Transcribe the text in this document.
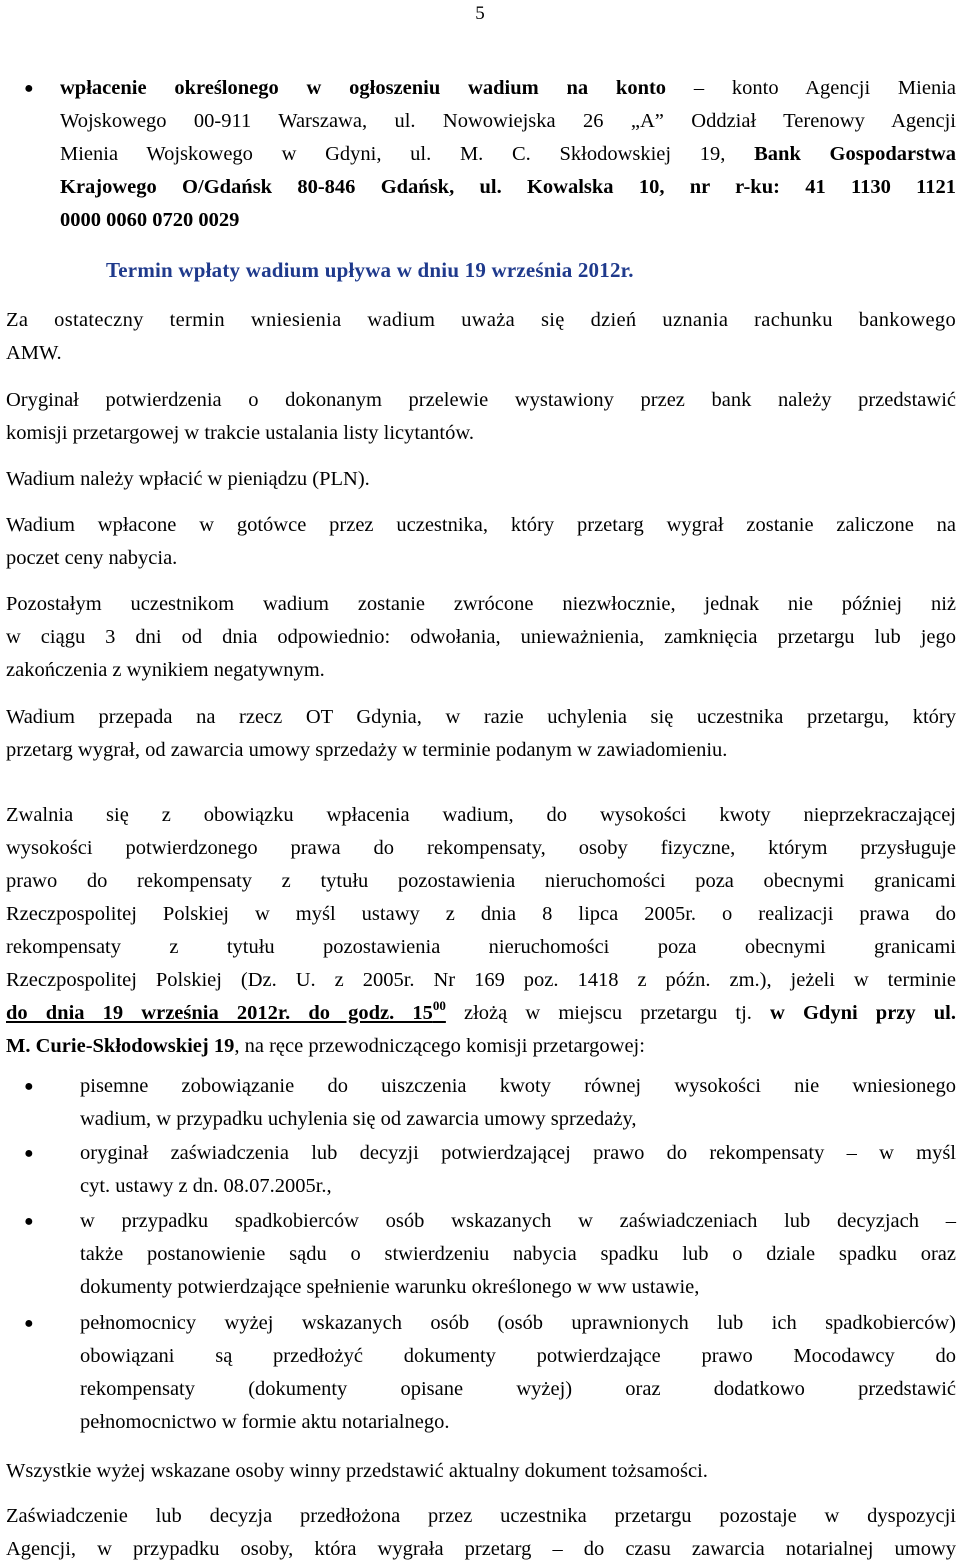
5
● wpłacenie określonego w ogłoszeniu wadium na konto – konto Agencji Mienia
Wojskowego 00-911 Warszawa, ul. Nowowiejska 26 „A” Oddział Terenowy Agencji
Mienia Wojskowego w Gdyni, ul. M. C. Skłodowskiej 19, Bank Gospodarstwa
Krajowego O/Gdańsk 80-846 Gdańsk, ul. Kowalska 10, nr r-ku: 41 1130 1121
0000 0060 0720 0029
Termin wpłaty wadium upływa w dniu 19 września 2012r.
Za ostateczny termin wniesienia wadium uważa się dzień uznania rachunku bankowego
AMW.
Oryginał potwierdzenia o dokonanym przelewie wystawiony przez bank należy przedstawić
komisji przetargowej w trakcie ustalania listy licytantów.
Wadium należy wpłacić w pieniądzu (PLN).
Wadium wpłacone w gotówce przez uczestnika, który przetarg wygrał zostanie zaliczone na
poczet ceny nabycia.
Pozostałym uczestnikom wadium zostanie zwrócone niezwłocznie, jednak nie później niż
w ciągu 3 dni od dnia odpowiednio: odwołania, unieważnienia, zamknięcia przetargu lub jego
zakończenia z wynikiem negatywnym.
Wadium przepada na rzecz OT Gdynia, w razie uchylenia się uczestnika przetargu, który
przetarg wygrał, od zawarcia umowy sprzedaży w terminie podanym w zawiadomieniu.
Zwalnia się z obowiązku wpłacenia wadium, do wysokości kwoty nieprzekraczającej
wysokości potwierdzonego prawa do rekompensaty, osoby fizyczne, którym przysługuje
prawo do rekompensaty z tytułu pozostawienia nieruchomości poza obecnymi granicami
Rzeczpospolitej Polskiej w myśl ustawy z dnia 8 lipca 2005r. o realizacji prawa do
rekompensaty z tytułu pozostawienia nieruchomości poza obecnymi granicami
Rzeczpospolitej Polskiej (Dz. U. z 2005r. Nr 169 poz. 1418 z późn. zm.), jeżeli w terminie
do dnia 19 września 2012r. do godz. $15^{00}$ złożą w miejscu przetargu tj. w Gdyni przy ul.
M. Curie-Skłodowskiej 19, na ręce przewodniczącego komisji przetargowej:
● pisemne zobowiązanie do uiszczenia kwoty równej wysokości nie wniesionego
wadium, w przypadku uchylenia się od zawarcia umowy sprzedaży,
● oryginał zaświadczenia lub decyzji potwierdzającej prawo do rekompensaty – w myśl
cyt. ustawy z dn. 08.07.2005r.,
● w przypadku spadkobierców osób wskazanych w zaświadczeniach lub decyzjach –
także postanowienie sądu o stwierdzeniu nabycia spadku lub o dziale spadku oraz
dokumenty potwierdzające spełnienie warunku określonego w ww ustawie,
● pełnomocnicy wyżej wskazanych osób (osób uprawnionych lub ich spadkobierców)
obowiązani są przedłożyć dokumenty potwierdzające prawo Mocodawcy do
rekompensaty (dokumenty opisane wyżej) oraz dodatkowo przedstawić
pełnomocnictwo w formie aktu notarialnego.
Wszystkie wyżej wskazane osoby winny przedstawić aktualny dokument tożsamości.
Zaświadczenie lub decyzja przedłożona przez uczestnika przetargu pozostaje w dyspozycji
Agencji, w przypadku osoby, która wygrała przetarg – do czasu zawarcia notarialnej umowy
